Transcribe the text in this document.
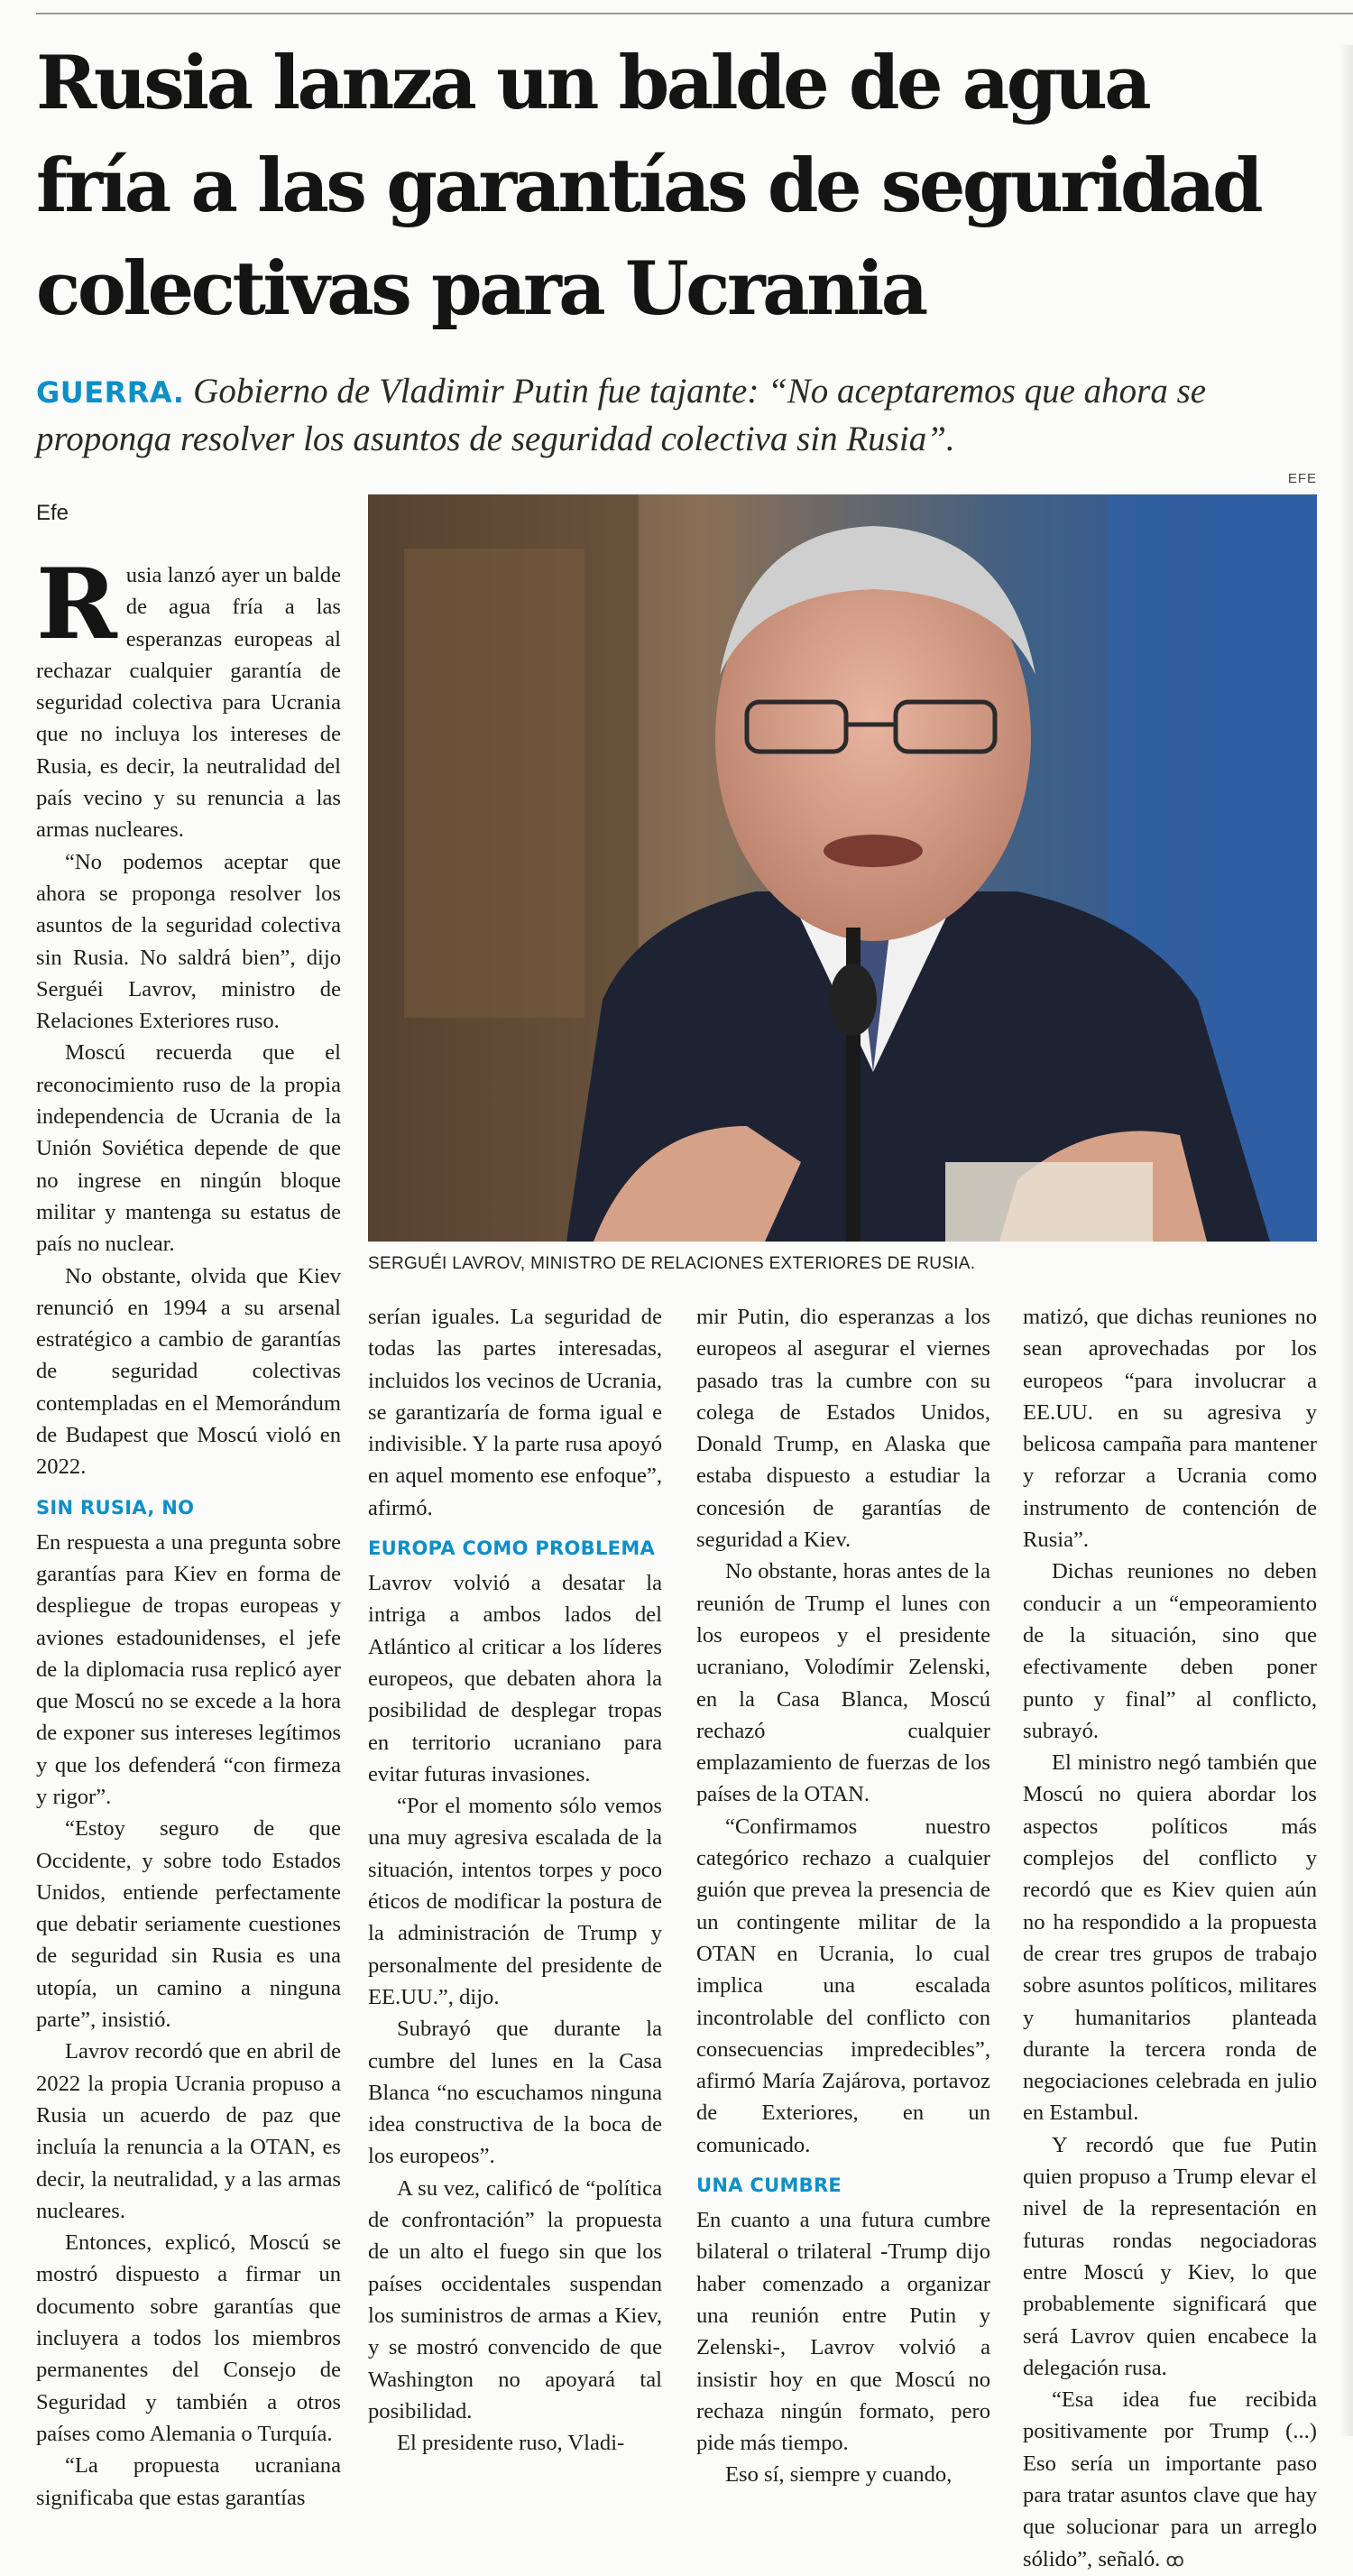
Rusia lanza un balde de agua
fría a las garantías de seguridad
colectivas para Ucrania
GUERRA. Gobierno de Vladimir Putin fue tajante: “No aceptaremos que ahora se proponga resolver los asuntos de seguridad colectiva sin Rusia”.
Efe
EFE
SERGUÉI LAVROV, MINISTRO DE RELACIONES EXTERIORES DE RUSIA.

Rusia lanzó ayer un balde de agua fría a las esperanzas europeas al rechazar cualquier garantía de seguridad colectiva para Ucrania que no incluya los intereses de Rusia, es decir, la neutralidad del país vecino y su renuncia a las armas nucleares.

“No podemos aceptar que ahora se proponga resolver los asuntos de la seguridad colectiva sin Rusia. No saldrá bien”, dijo Serguéi Lavrov, ministro de Relaciones Exteriores ruso.

Moscú recuerda que el reconocimiento ruso de la propia independencia de Ucrania de la Unión Soviética depende de que no ingrese en ningún bloque militar y mantenga su estatus de país no nuclear.

No obstante, olvida que Kiev renunció en 1994 a su arsenal estratégico a cambio de garantías de seguridad colectivas contempladas en el Memorándum de Budapest que Moscú violó en 2022.

SIN RUSIA, NO

En respuesta a una pregunta sobre garantías para Kiev en forma de despliegue de tropas europeas y aviones estadounidenses, el jefe de la diplomacia rusa replicó ayer que Moscú no se excede a la hora de exponer sus intereses legítimos y que los defenderá “con firmeza y rigor”.

“Estoy seguro de que Occidente, y sobre todo Estados Unidos, entiende perfectamente que debatir seriamente cuestiones de seguridad sin Rusia es una utopía, un camino a ninguna parte”, insistió.

Lavrov recordó que en abril de 2022 la propia Ucrania propuso a Rusia un acuerdo de paz que incluía la renuncia a la OTAN, es decir, la neutralidad, y a las armas nucleares.

Entonces, explicó, Moscú se mostró dispuesto a firmar un documento sobre garantías que incluyera a todos los miembros permanentes del Consejo de Seguridad y también a otros países como Alemania o Turquía.

“La propuesta ucraniana significaba que estas garantías

serían iguales. La seguridad de todas las partes interesadas, incluidos los vecinos de Ucrania, se garantizaría de forma igual e indivisible. Y la parte rusa apoyó en aquel momento ese enfoque”, afirmó.

EUROPA COMO PROBLEMA

Lavrov volvió a desatar la intriga a ambos lados del Atlántico al criticar a los líderes europeos, que debaten ahora la posibilidad de desplegar tropas en territorio ucraniano para evitar futuras invasiones.

“Por el momento sólo vemos una muy agresiva escalada de la situación, intentos torpes y poco éticos de modificar la postura de la administración de Trump y personalmente del presidente de EE.UU.”, dijo.

Subrayó que durante la cumbre del lunes en la Casa Blanca “no escuchamos ninguna idea constructiva de la boca de los europeos”.

A su vez, calificó de “política de confrontación” la propuesta de un alto el fuego sin que los países occidentales suspendan los suministros de armas a Kiev, y se mostró convencido de que Washington no apoyará tal posibilidad.

El presidente ruso, Vladi-

mir Putin, dio esperanzas a los europeos al asegurar el viernes pasado tras la cumbre con su colega de Estados Unidos, Donald Trump, en Alaska que estaba dispuesto a estudiar la concesión de garantías de seguridad a Kiev.

No obstante, horas antes de la reunión de Trump el lunes con los europeos y el presidente ucraniano, Volodímir Zelenski, en la Casa Blanca, Moscú rechazó cualquier emplazamiento de fuerzas de los países de la OTAN.

“Confirmamos nuestro categórico rechazo a cualquier guión que prevea la presencia de un contingente militar de la OTAN en Ucrania, lo cual implica una escalada incontrolable del conflicto con consecuencias impredecibles”, afirmó María Zajárova, portavoz de Exteriores, en un comunicado.

UNA CUMBRE

En cuanto a una futura cumbre bilateral o trilateral -Trump dijo haber comenzado a organizar una reunión entre Putin y Zelenski-, Lavrov volvió a insistir hoy en que Moscú no rechaza ningún formato, pero pide más tiempo.

Eso sí, siempre y cuando,

matizó, que dichas reuniones no sean aprovechadas por los europeos “para involucrar a EE.UU. en su agresiva y belicosa campaña para mantener y reforzar a Ucrania como instrumento de contención de Rusia”.

Dichas reuniones no deben conducir a un “empeoramiento de la situación, sino que efectivamente deben poner punto y final” al conflicto, subrayó.

El ministro negó también que Moscú no quiera abordar los aspectos políticos más complejos del conflicto y recordó que es Kiev quien aún no ha respondido a la propuesta de crear tres grupos de trabajo sobre asuntos políticos, militares y humanitarios planteada durante la tercera ronda de negociaciones celebrada en julio en Estambul.

Y recordó que fue Putin quien propuso a Trump elevar el nivel de la representación en futuras rondas negociadoras entre Moscú y Kiev, lo que probablemente significará que será Lavrov quien encabece la delegación rusa.

“Esa idea fue recibida positivamente por Trump (...) Eso sería un importante paso para tratar asuntos clave que hay que solucionar para un arreglo sólido”, señaló. ꝏ
